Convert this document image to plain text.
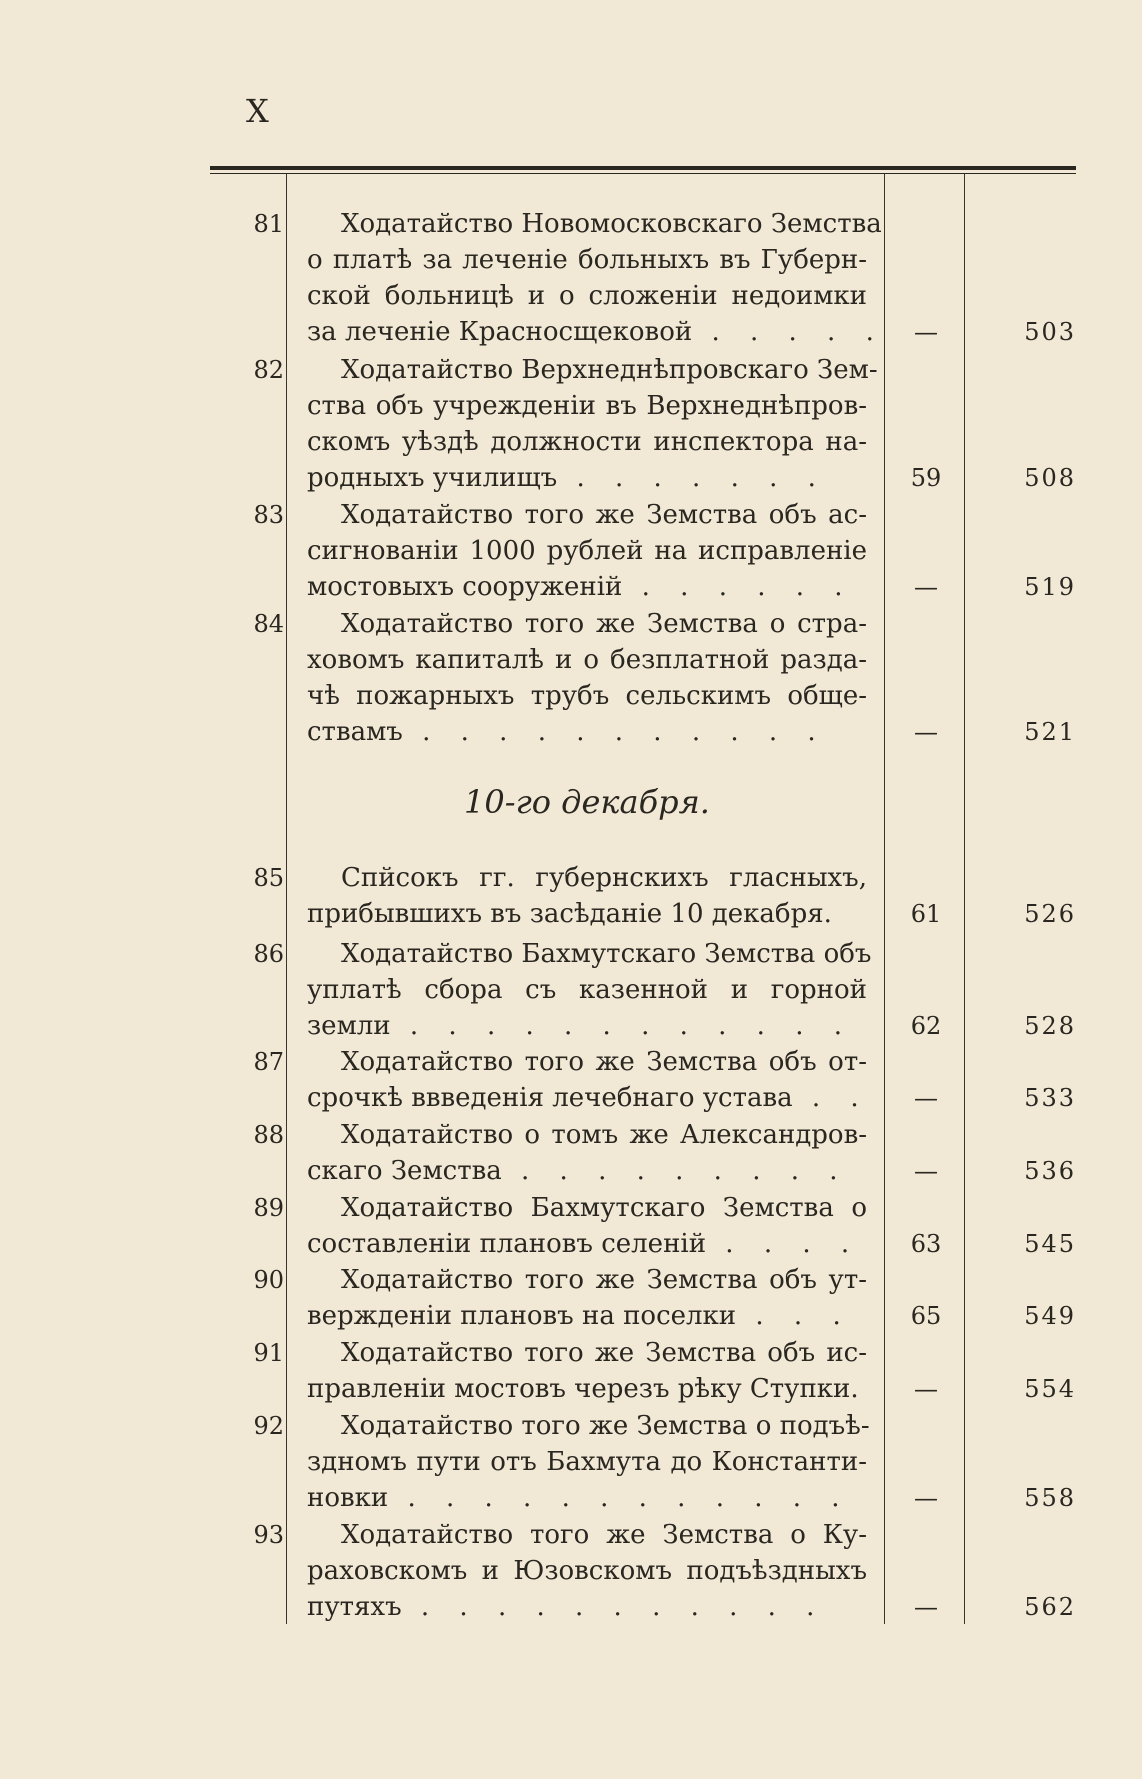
X
10-го декабря.
81	Ходатайство Новомосковскаго Земства
о платѣ за леченіе больныхъ въ Губерн-
ской больницѣ и о сложеніи недоимки
за леченіе Красносщековой . . . . .	—	503
82	Ходатайство Верхнеднѣпровскаго Зем-
ства объ учрежденіи въ Верхнеднѣпров-
скомъ уѣздѣ должности инспектора на-
родныхъ училищъ . . . . . . .	59	508
83	Ходатайство того же Земства объ ас-
сигнованіи 1000 рублей на исправленіе
мостовыхъ сооруженій . . . . . .	—	519
84	Ходатайство того же Земства о стра-
ховомъ капиталѣ и о безплатной разда-
чѣ пожарныхъ трубъ сельскимъ обще-
ствамъ . . . . . . . . . . .	—	521
85	Спйсокъ гг. губернскихъ гласныхъ,
прибывшихъ въ засѣданіе 10 декабря.	61	526
86	Ходатайство Бахмутскаго Земства объ
уплатѣ сбора съ казенной и горной
земли . . . . . . . . . . . .	62	528
87	Ходатайство того же Земства объ от-
срочкѣ ввведенія лечебнаго устава . .	—	533
88	Ходатайство о томъ же Александров-
скаго Земства . . . . . . . . .	—	536
89	Ходатайство Бахмутскаго Земства о
составленіи плановъ селеній . . . .	63	545
90	Ходатайство того же Земства объ ут-
вержденіи плановъ на поселки . . .	65	549
91	Ходатайство того же Земства объ ис-
правленіи мостовъ черезъ рѣку Ступки.	—	554
92	Ходатайство того же Земства о подъѣ-
здномъ пути отъ Бахмута до Константи-
новки . . . . . . . . . . . .	—	558
93	Ходатайство того же Земства о Ку-
раховскомъ и Юзовскомъ подъѣздныхъ
путяхъ . . . . . . . . . . .	—	562
